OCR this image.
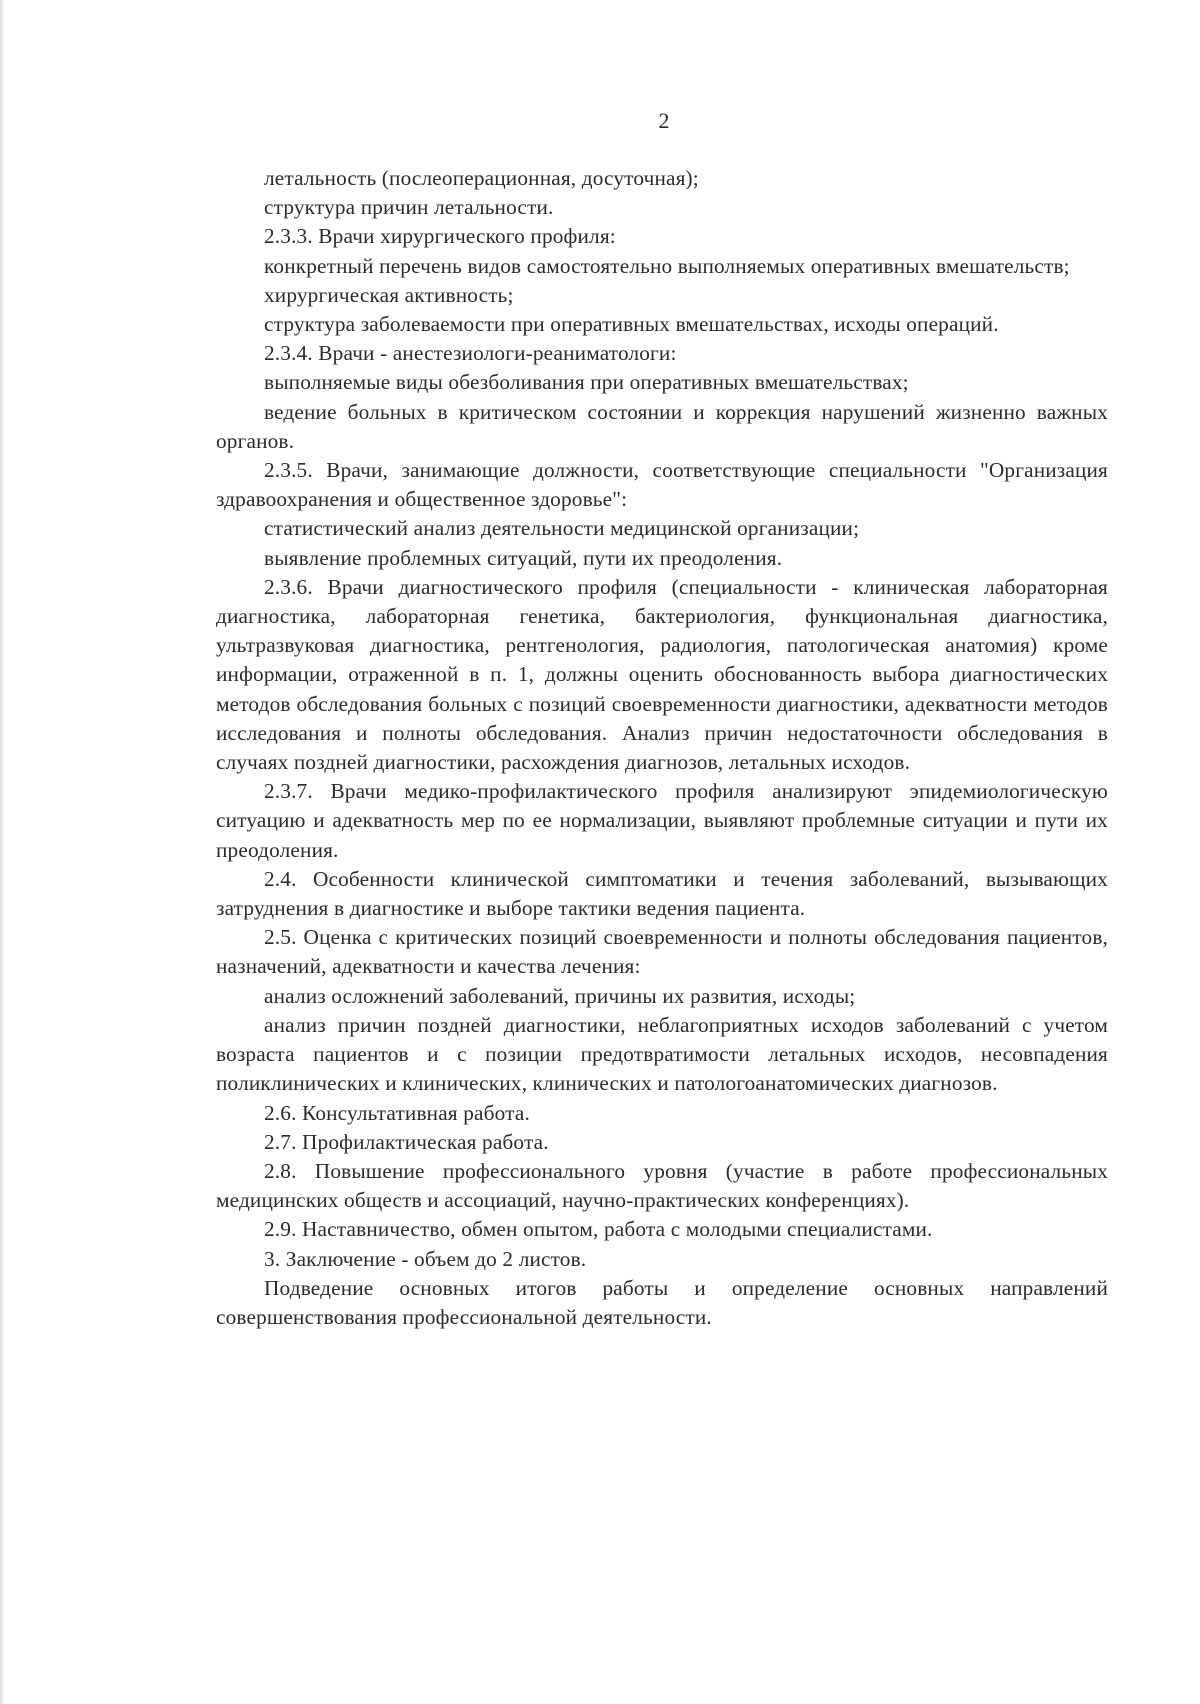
2

летальность (послеоперационная, досуточная);

структура причин летальности.

2.3.3. Врачи хирургического профиля:

конкретный перечень видов самостоятельно выполняемых оперативных вмешательств;

хирургическая активность;

структура заболеваемости при оперативных вмешательствах, исходы операций.

2.3.4. Врачи - анестезиологи-реаниматологи:

выполняемые виды обезболивания при оперативных вмешательствах;

ведение больных в критическом состоянии и коррекция нарушений жизненно важных органов.

2.3.5. Врачи, занимающие должности, соответствующие специальности "Организация здравоохранения и общественное здоровье":

статистический анализ деятельности медицинской организации;

выявление проблемных ситуаций, пути их преодоления.

2.3.6. Врачи диагностического профиля (специальности - клиническая лабораторная диагностика, лабораторная генетика, бактериология, функциональная диагностика, ультразвуковая диагностика, рентгенология, радиология, патологическая анатомия) кроме информации, отраженной в п. 1, должны оценить обоснованность выбора диагностических методов обследования больных с позиций своевременности диагностики, адекватности методов исследования и полноты обследования. Анализ причин недостаточности обследования в случаях поздней диагностики, расхождения диагнозов, летальных исходов.

2.3.7. Врачи медико-профилактического профиля анализируют эпидемиологическую ситуацию и адекватность мер по ее нормализации, выявляют проблемные ситуации и пути их преодоления.

2.4. Особенности клинической симптоматики и течения заболеваний, вызывающих затруднения в диагностике и выборе тактики ведения пациента.

2.5. Оценка с критических позиций своевременности и полноты обследования пациентов, назначений, адекватности и качества лечения:

анализ осложнений заболеваний, причины их развития, исходы;

анализ причин поздней диагностики, неблагоприятных исходов заболеваний с учетом возраста пациентов и с позиции предотвратимости летальных исходов, несовпадения поликлинических и клинических, клинических и патологоанатомических диагнозов.

2.6. Консультативная работа.

2.7. Профилактическая работа.

2.8. Повышение профессионального уровня (участие в работе профессиональных медицинских обществ и ассоциаций, научно-практических конференциях).

2.9. Наставничество, обмен опытом, работа с молодыми специалистами.

3. Заключение - объем до 2 листов.

Подведение основных итогов работы и определение основных направлений совершенствования профессиональной деятельности.
